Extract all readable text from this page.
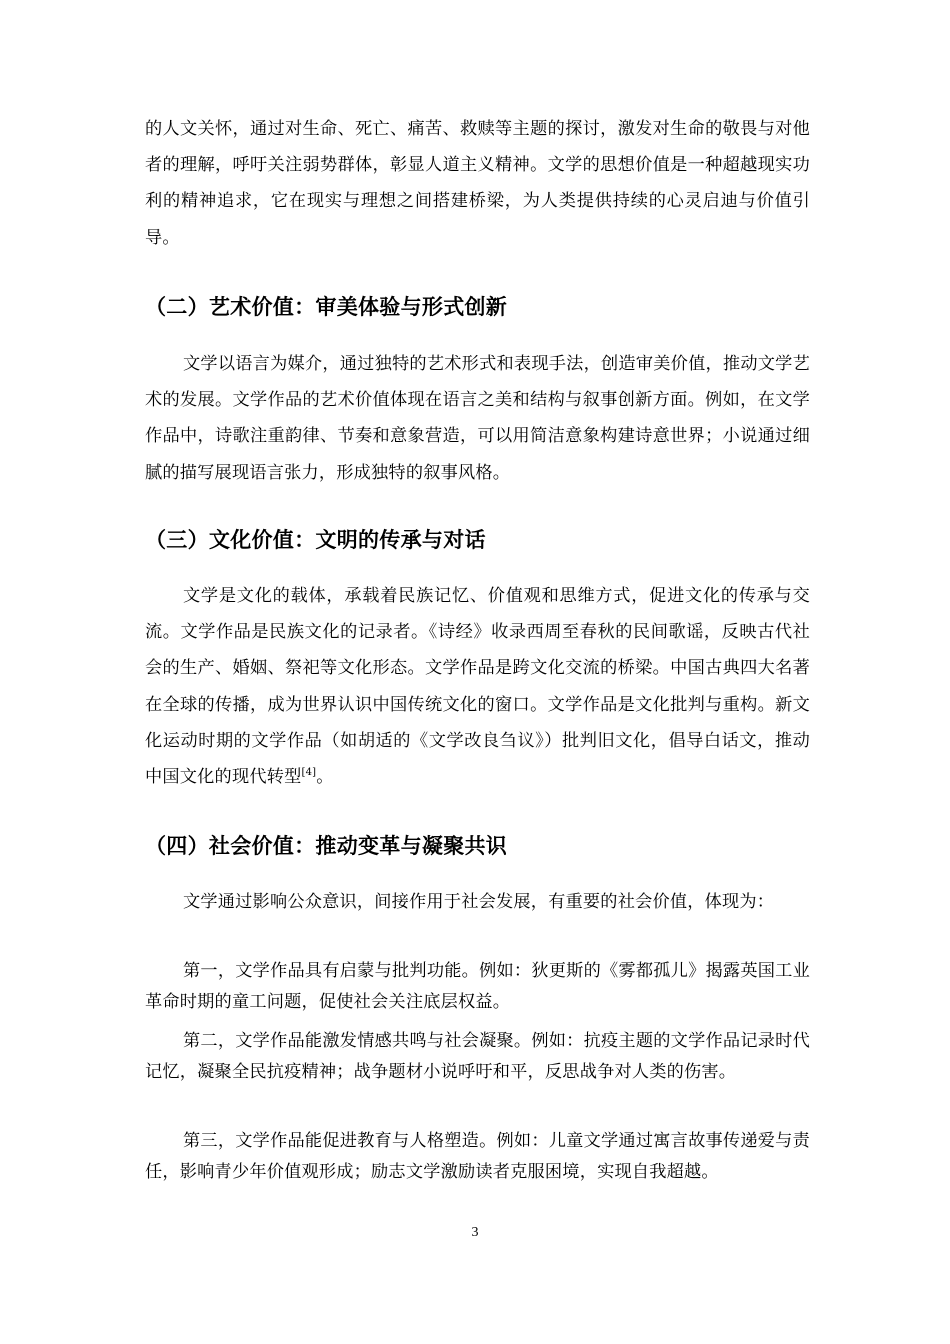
的人文关怀，通过对生命、死亡、痛苦、救赎等主题的探讨，激发对生命的敬畏与对他者的理解，呼吁关注弱势群体，彰显人道主义精神。文学的思想价值是一种超越现实功利的精神追求，它在现实与理想之间搭建桥梁，为人类提供持续的心灵启迪与价值引导。

（二）艺术价值：审美体验与形式创新

文学以语言为媒介，通过独特的艺术形式和表现手法，创造审美价值，推动文学艺术的发展。文学作品的艺术价值体现在语言之美和结构与叙事创新方面。例如，在文学作品中，诗歌注重韵律、节奏和意象营造，可以用简洁意象构建诗意世界；小说通过细腻的描写展现语言张力，形成独特的叙事风格。

（三）文化价值：文明的传承与对话

文学是文化的载体，承载着民族记忆、价值观和思维方式，促进文化的传承与交流。文学作品是民族文化的记录者。《诗经》收录西周至春秋的民间歌谣，反映古代社会的生产、婚姻、祭祀等文化形态。文学作品是跨文化交流的桥梁。中国古典四大名著在全球的传播，成为世界认识中国传统文化的窗口。文学作品是文化批判与重构。新文化运动时期的文学作品（如胡适的《文学改良刍议》）批判旧文化，倡导白话文，推动中国文化的现代转型[4]。

（四）社会价值：推动变革与凝聚共识

文学通过影响公众意识，间接作用于社会发展，有重要的社会价值，体现为：

第一，文学作品具有启蒙与批判功能。例如：狄更斯的《雾都孤儿》揭露英国工业革命时期的童工问题，促使社会关注底层权益。

第二，文学作品能激发情感共鸣与社会凝聚。例如：抗疫主题的文学作品记录时代记忆，凝聚全民抗疫精神；战争题材小说呼吁和平，反思战争对人类的伤害。

第三，文学作品能促进教育与人格塑造。例如：儿童文学通过寓言故事传递爱与责任，影响青少年价值观形成；励志文学激励读者克服困境，实现自我超越。

3
